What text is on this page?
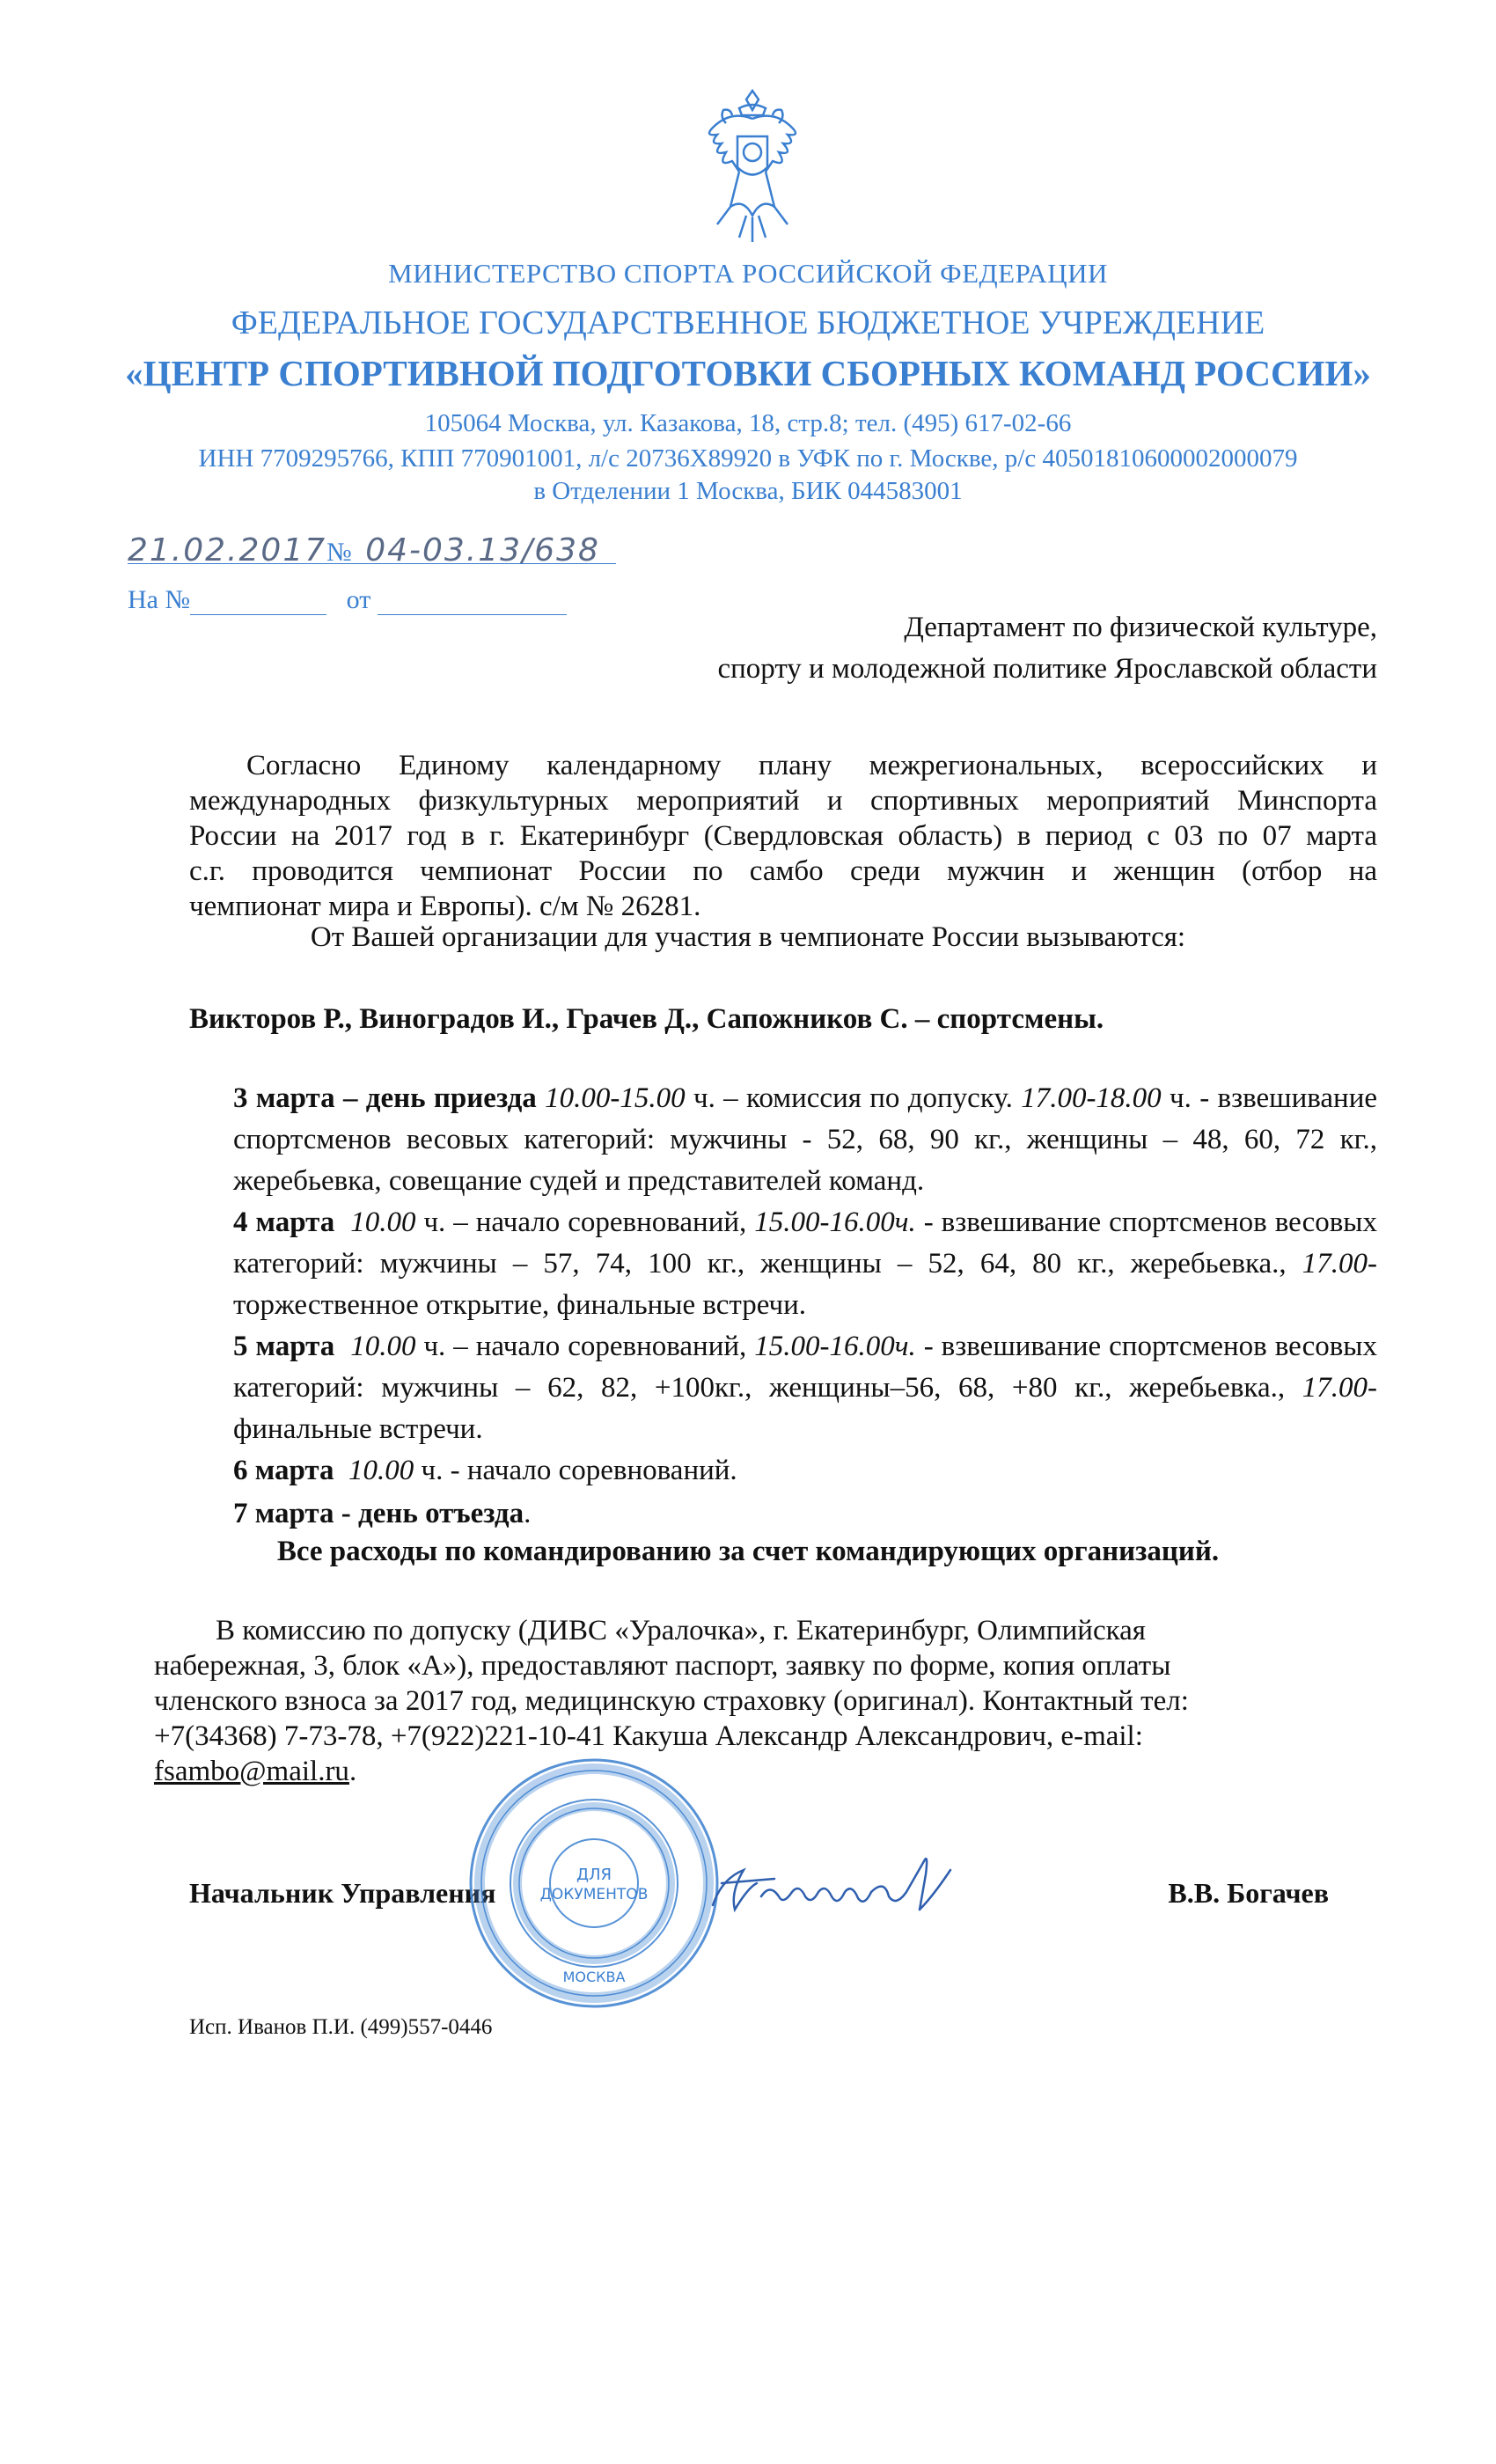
МИНИСТЕРСТВО СПОРТА РОССИЙСКОЙ ФЕДЕРАЦИИ
ФЕДЕРАЛЬНОЕ ГОСУДАРСТВЕННОЕ БЮДЖЕТНОЕ УЧРЕЖДЕНИЕ
«ЦЕНТР СПОРТИВНОЙ ПОДГОТОВКИ СБОРНЫХ КОМАНД РОССИИ»
105064 Москва, ул. Казакова, 18, стр.8; тел. (495) 617-02-66
ИНН 7709295766, КПП 770901001, л/с 20736Х89920 в УФК по г. Москве, р/с 40501810600002000079
в Отделении 1 Москва, БИК 044583001
21.02.2017№ 04-03.13/638
На №	от
Департамент по физической культуре,
спорту и молодежной политике Ярославской области
Согласно Единому календарному плану межрегиональных, всероссийских и
международных физкультурных мероприятий и спортивных мероприятий Минспорта
России на 2017 год в г. Екатеринбург (Свердловская область) в период с 03 по 07 марта
с.г. проводится чемпионат России по самбо среди мужчин и женщин (отбор на
чемпионат мира и Европы). с/м № 26281.
От Вашей организации для участия в чемпионате России вызываются:
Викторов Р., Виноградов И., Грачев Д., Сапожников С. – спортсмены.
3 марта – день приезда 10.00-15.00 ч. – комиссия по допуску. 17.00-18.00 ч. - взвешивание спортсменов весовых категорий: мужчины - 52, 68, 90 кг., женщины – 48, 60, 72 кг., жеребьевка, совещание судей и представителей команд.
4 марта 10.00 ч. – начало соревнований, 15.00-16.00ч. - взвешивание спортсменов весовых категорий: мужчины – 57, 74, 100 кг., женщины – 52, 64, 80 кг., жеребьевка., 17.00- торжественное открытие, финальные встречи.
5 марта 10.00 ч. – начало соревнований, 15.00-16.00ч. - взвешивание спортсменов весовых категорий: мужчины – 62, 82, +100кг., женщины–56, 68, +80 кг., жеребьевка., 17.00- финальные встречи.
6 марта 10.00 ч. - начало соревнований.
7 марта - день отъезда.
Все расходы по командированию за счет командирующих организаций.
В комиссию по допуску (ДИВС «Уралочка», г. Екатеринбург, Олимпийская набережная, 3, блок «А»), предоставляют паспорт, заявку по форме, копия оплаты членского взноса за 2017 год, медицинскую страховку (оригинал). Контактный тел: +7(34368) 7-73-78, +7(922)221-10-41 Какуша Александр Александрович, e-mail: fsambo@mail.ru.
Начальник Управления	В.В. Богачев
ДЛЯ
ДОКУМЕНТОВ
МОСКВА
Исп. Иванов П.И. (499)557-0446
